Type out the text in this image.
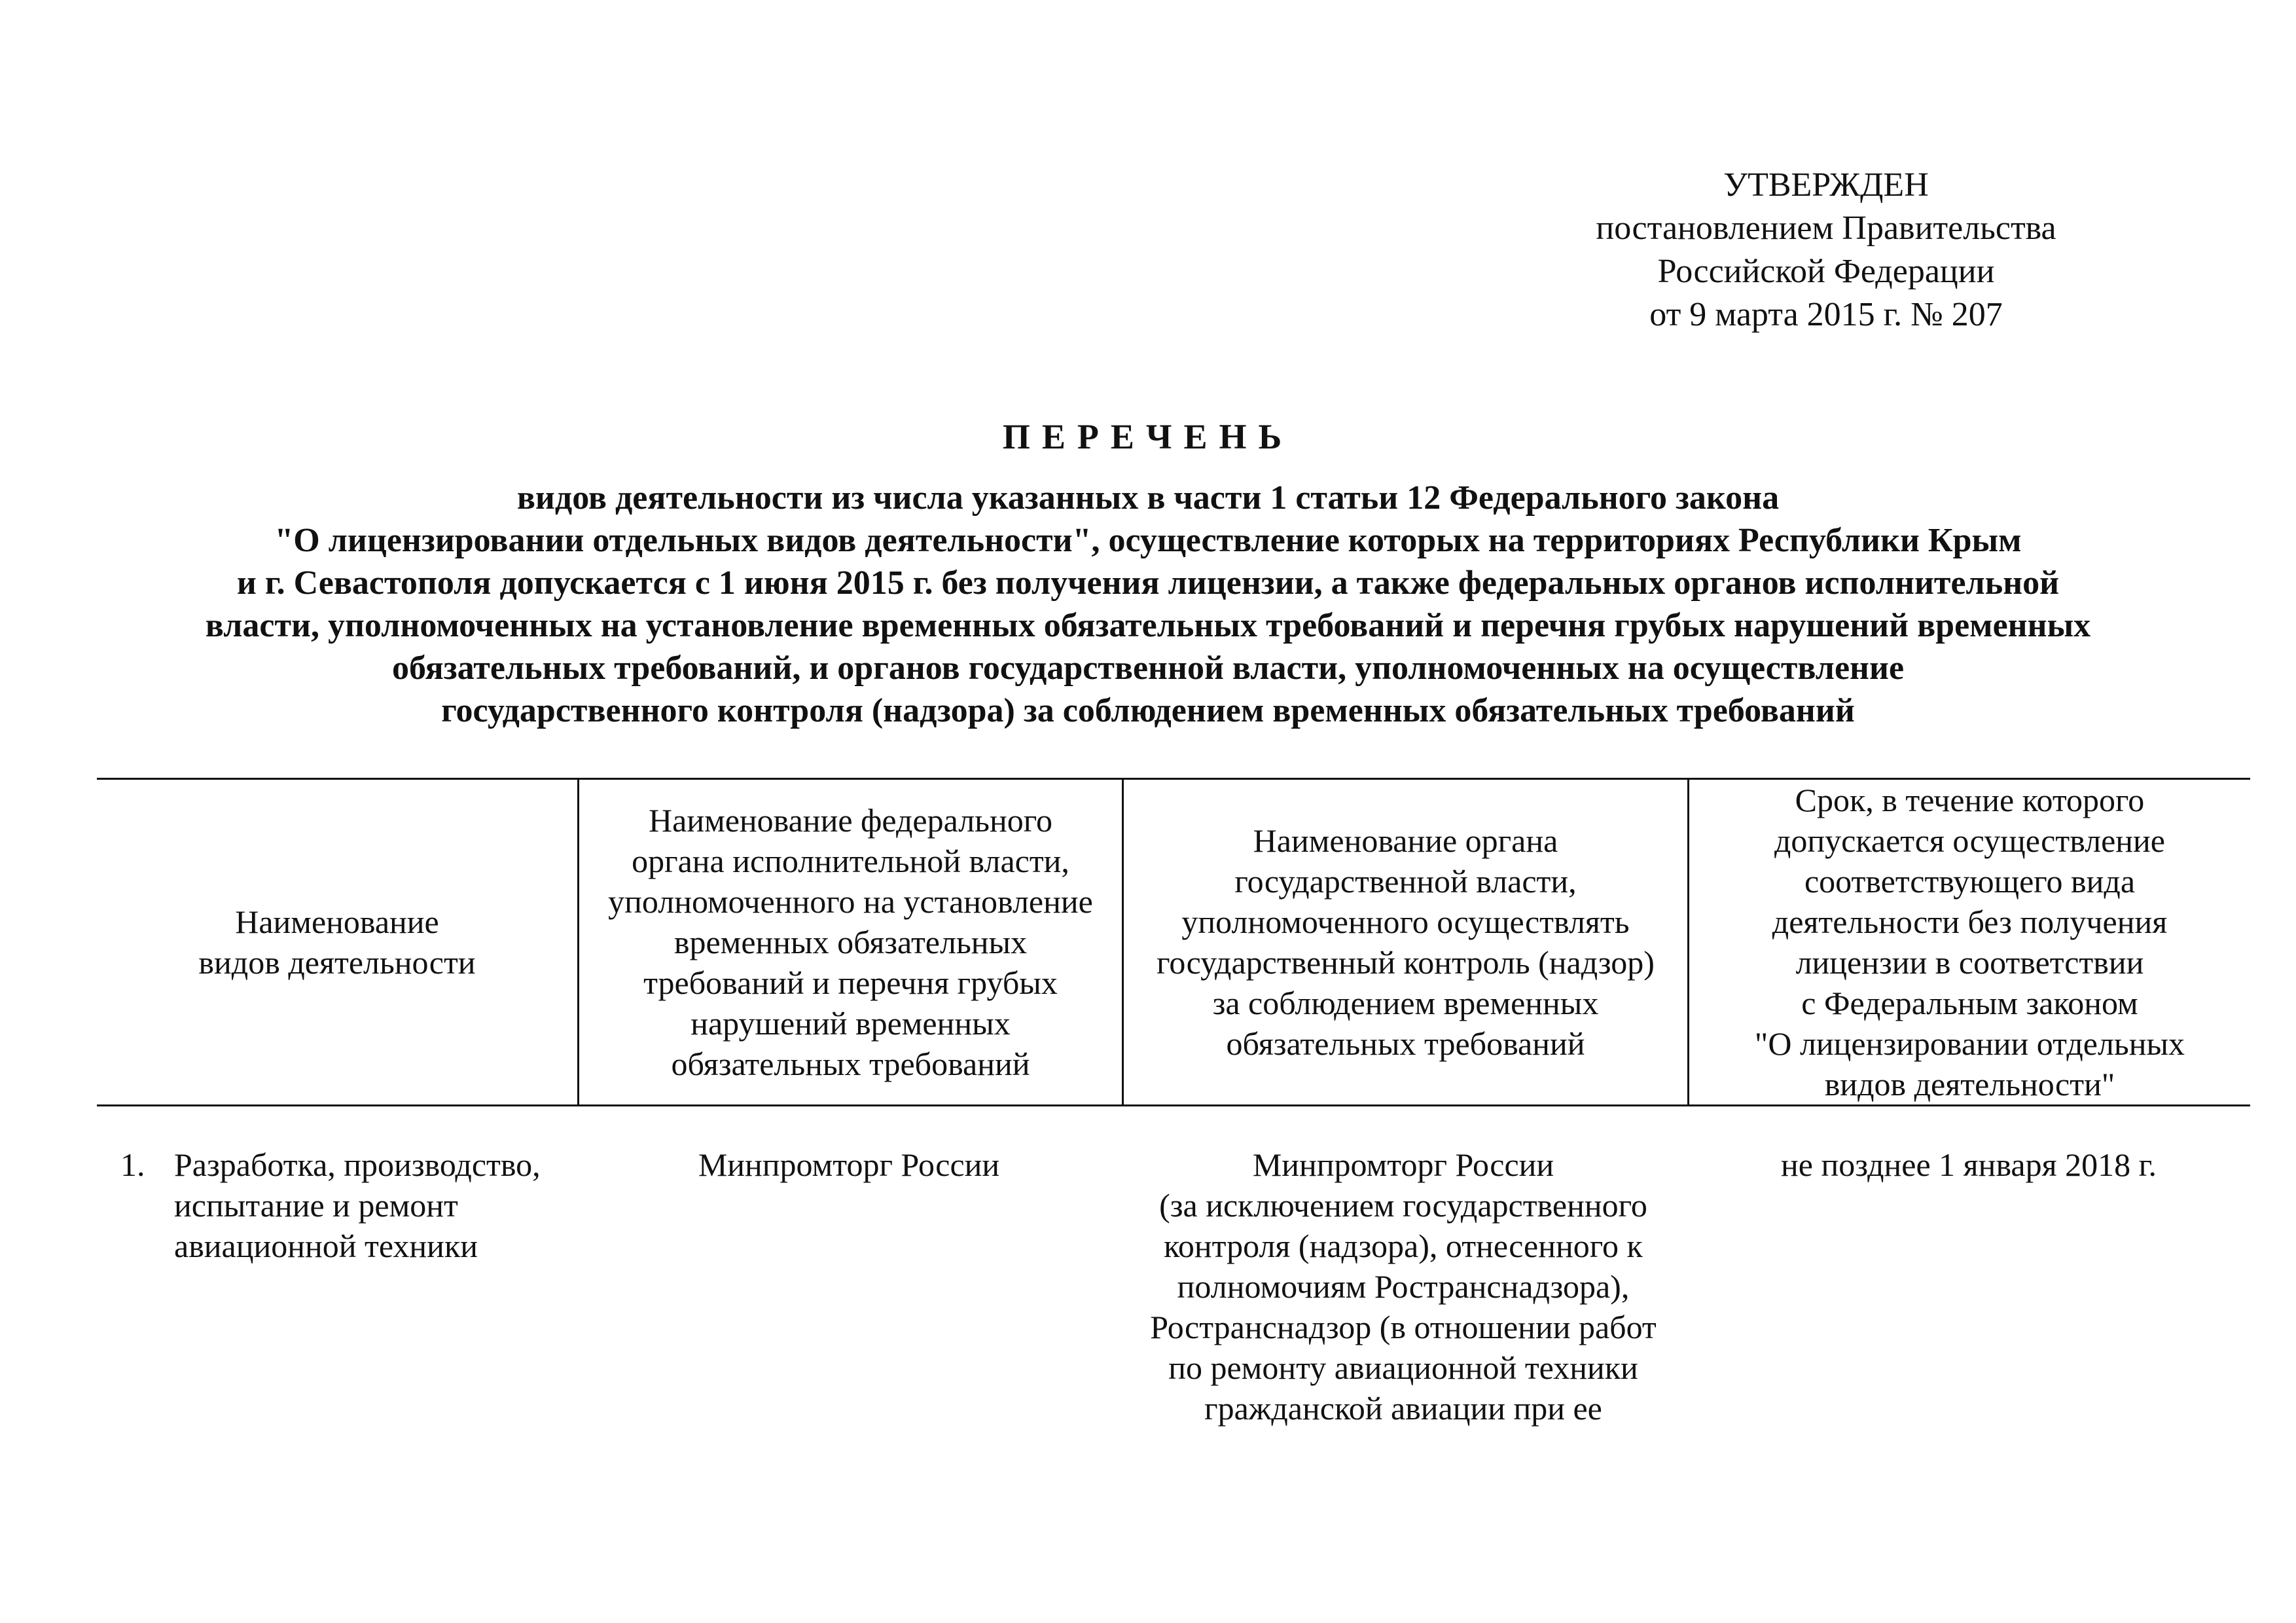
УТВЕРЖДЕН
постановлением Правительства
Российской Федерации
от 9 марта 2015 г. № 207
ПЕРЕЧЕНЬ
видов деятельности из числа указанных в части 1 статьи 12 Федерального закона
"О лицензировании отдельных видов деятельности", осуществление которых на территориях Республики Крым
и г. Севастополя допускается с 1 июня 2015 г. без получения лицензии, а также федеральных органов исполнительной
власти, уполномоченных на установление временных обязательных требований и перечня грубых нарушений временных
обязательных требований, и органов государственной власти, уполномоченных на осуществление
государственного контроля (надзора) за соблюдением временных обязательных требований
Наименование
видов деятельности
Наименование федерального
органа исполнительной власти,
уполномоченного на установление
временных обязательных
требований и перечня грубых
нарушений временных
обязательных требований
Наименование органа
государственной власти,
уполномоченного осуществлять
государственный контроль (надзор)
за соблюдением временных
обязательных требований
Срок, в течение которого
допускается осуществление
соответствующего вида
деятельности без получения
лицензии в соответствии
с Федеральным законом
"О лицензировании отдельных
видов деятельности"
1. Разработка, производство,
испытание и ремонт
авиационной техники
Минпромторг России	Минпромторг России
(за исключением государственного
контроля (надзора), отнесенного к
полномочиям Ространснадзора),
Ространснадзор (в отношении работ
по ремонту авиационной техники
гражданской авиации при ее
не позднее 1 января 2018 г.
